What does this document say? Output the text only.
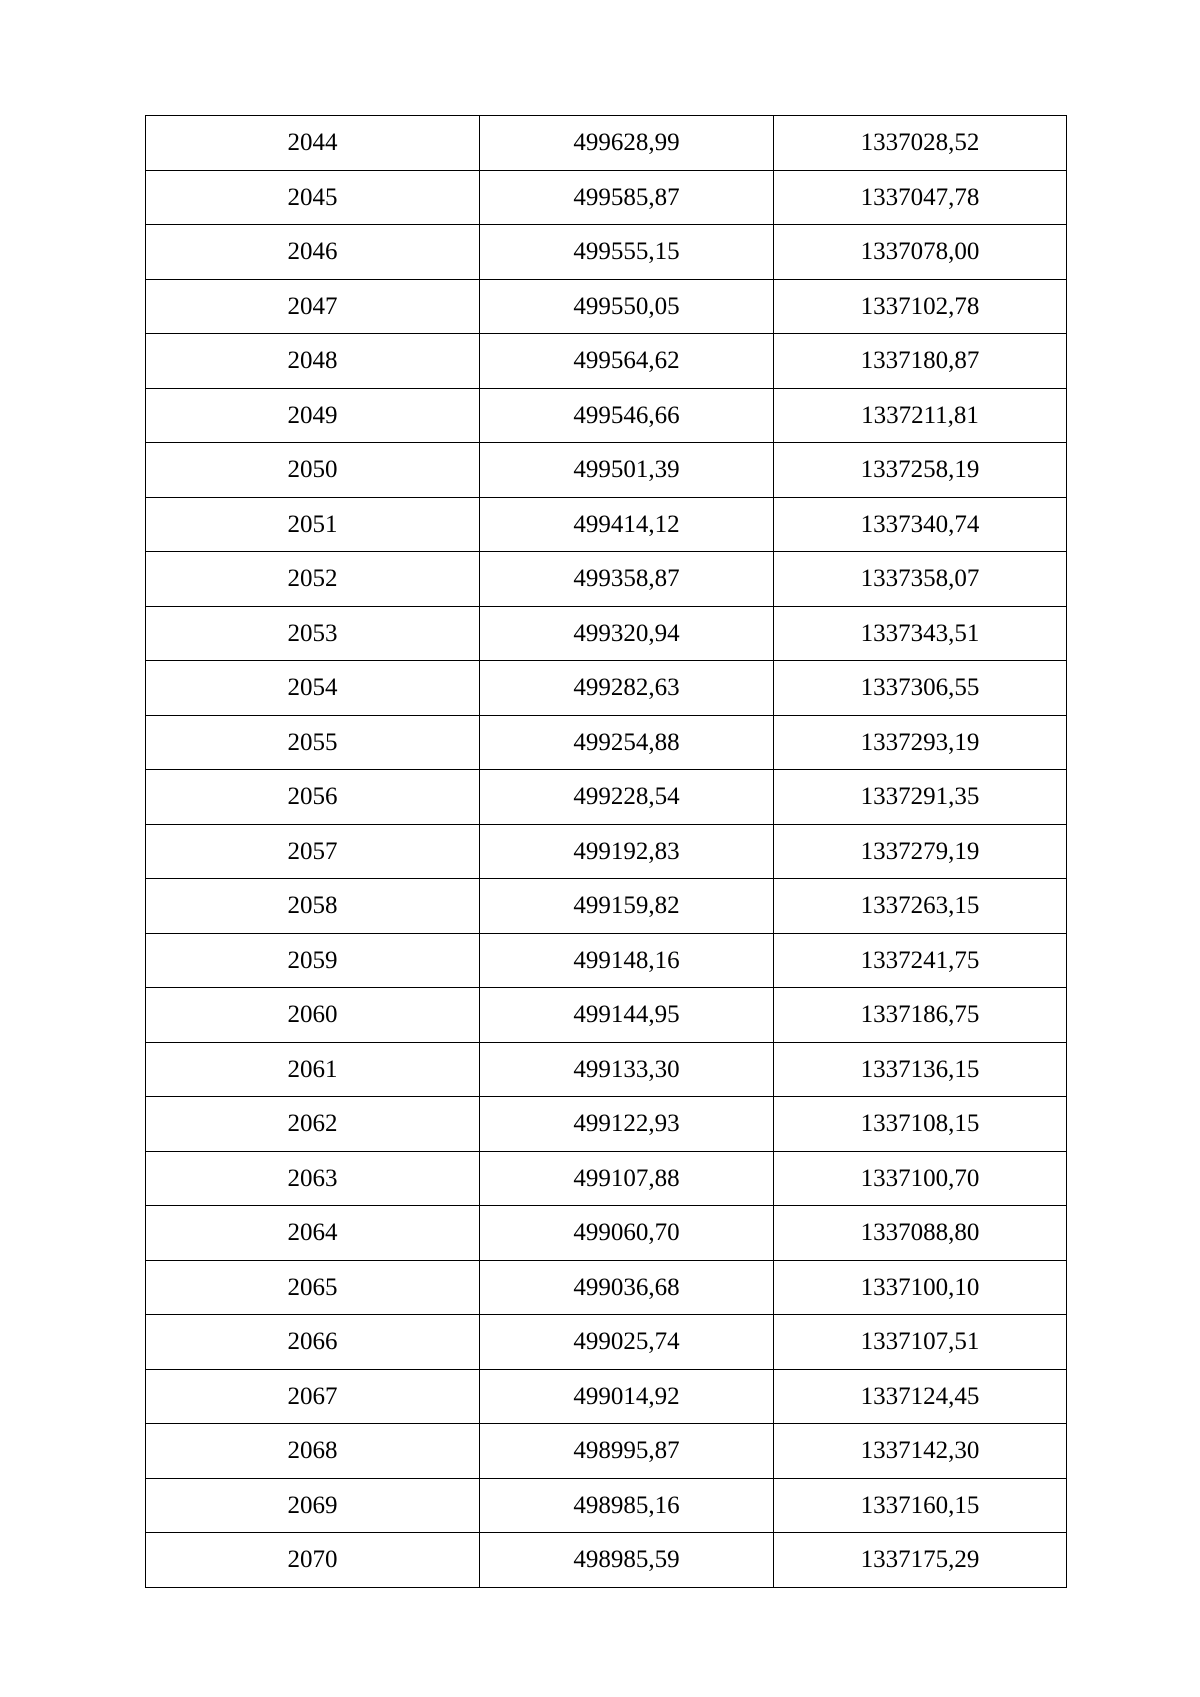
2044	499628,99	1337028,52
2045	499585,87	1337047,78
2046	499555,15	1337078,00
2047	499550,05	1337102,78
2048	499564,62	1337180,87
2049	499546,66	1337211,81
2050	499501,39	1337258,19
2051	499414,12	1337340,74
2052	499358,87	1337358,07
2053	499320,94	1337343,51
2054	499282,63	1337306,55
2055	499254,88	1337293,19
2056	499228,54	1337291,35
2057	499192,83	1337279,19
2058	499159,82	1337263,15
2059	499148,16	1337241,75
2060	499144,95	1337186,75
2061	499133,30	1337136,15
2062	499122,93	1337108,15
2063	499107,88	1337100,70
2064	499060,70	1337088,80
2065	499036,68	1337100,10
2066	499025,74	1337107,51
2067	499014,92	1337124,45
2068	498995,87	1337142,30
2069	498985,16	1337160,15
2070	498985,59	1337175,29
